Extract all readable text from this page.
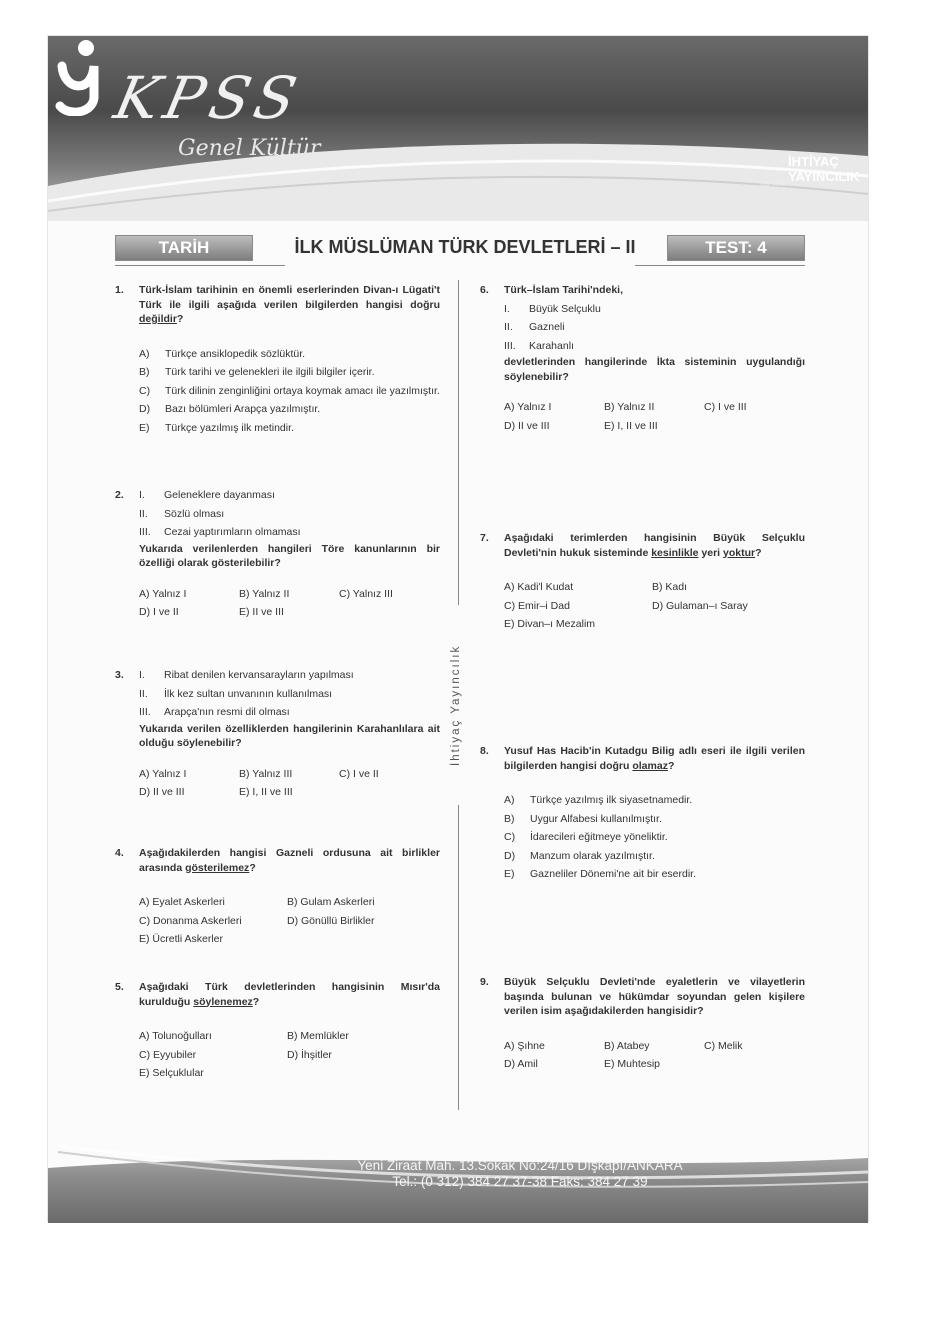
KPSS
Genel Kültür
ISO 9001
İHTİYAÇ
YAYINCILIK
TARİH	İLK MÜSLÜMAN TÜRK DEVLETLERİ – II	TEST: 4
İhtiyaç Yayıncılık
1. Türk-İslam tarihinin en önemli eserlerinden Divan-ı Lügati't Türk ile ilgili aşağıda verilen bilgilerden hangisi doğru değildir?
A)	Türkçe ansiklopedik sözlüktür.
B)	Türk tarihi ve gelenekleri ile ilgili bilgiler içerir.
C)	Türk dilinin zenginliğini ortaya koymak amacı ile yazılmıştır.
D)	Bazı bölümleri Arapça yazılmıştır.
E)	Türkçe yazılmış ilk metindir.
2. I.	Geleneklere dayanması
II.	Sözlü olması
III.	Cezai yaptırımların olmaması
Yukarıda verilenlerden hangileri Töre kanunlarının bir özelliği olarak gösterilebilir?
A) Yalnız I	B) Yalnız II	C) Yalnız III
D) I ve II	E) II ve III
3. I.	Ribat denilen kervansarayların yapılması
II.	İlk kez sultan unvanının kullanılması
III.	Arapça'nın resmi dil olması
Yukarıda verilen özelliklerden hangilerinin Karahanlılara ait olduğu söylenebilir?
A) Yalnız I	B) Yalnız III	C) I ve II
D) II ve III	E) I, II ve III
4. Aşağıdakilerden hangisi Gazneli ordusuna ait birlikler arasında gösterilemez?
A) Eyalet Askerleri	B) Gulam Askerleri
C) Donanma Askerleri	D) Gönüllü Birlikler
E) Ücretli Askerler
5. Aşağıdaki Türk devletlerinden hangisinin Mısır'da kurulduğu söylenemez?
A) Tolunoğulları	B) Memlükler
C) Eyyubiler	D) İhşitler
E) Selçuklular
6. Türk–İslam Tarihi'ndeki,
I.	Büyük Selçuklu
II.	Gazneli
III.	Karahanlı
devletlerinden hangilerinde İkta sisteminin uygulandığı söylenebilir?
A) Yalnız I	B) Yalnız II	C) I ve III
D) II ve III	E) I, II ve III
7. Aşağıdaki terimlerden hangisinin Büyük Selçuklu Devleti'nin hukuk sisteminde kesinlikle yeri yoktur?
A) Kadi'l Kudat	B) Kadı
C) Emir–i Dad	D) Gulaman–ı Saray
E) Divan–ı Mezalim
8. Yusuf Has Hacib'in Kutadgu Bilig adlı eseri ile ilgili verilen bilgilerden hangisi doğru olamaz?
A)	Türkçe yazılmış ilk siyasetnamedir.
B)	Uygur Alfabesi kullanılmıştır.
C)	İdarecileri eğitmeye yöneliktir.
D)	Manzum olarak yazılmıştır.
E)	Gazneliler Dönemi'ne ait bir eserdir.
9. Büyük Selçuklu Devleti'nde eyaletlerin ve vilayetlerin başında bulunan ve hükümdar soyundan gelen kişilere verilen isim aşağıdakilerden hangisidir?
A) Şıhne	B) Atabey	C) Melik
D) Amil	E) Muhtesip
Yeni Ziraat Mah. 13.Sokak No:24/16 Dışkapı/ANKARA
Tel.: (0 312) 384 27 37-38 Faks: 384 27 39
